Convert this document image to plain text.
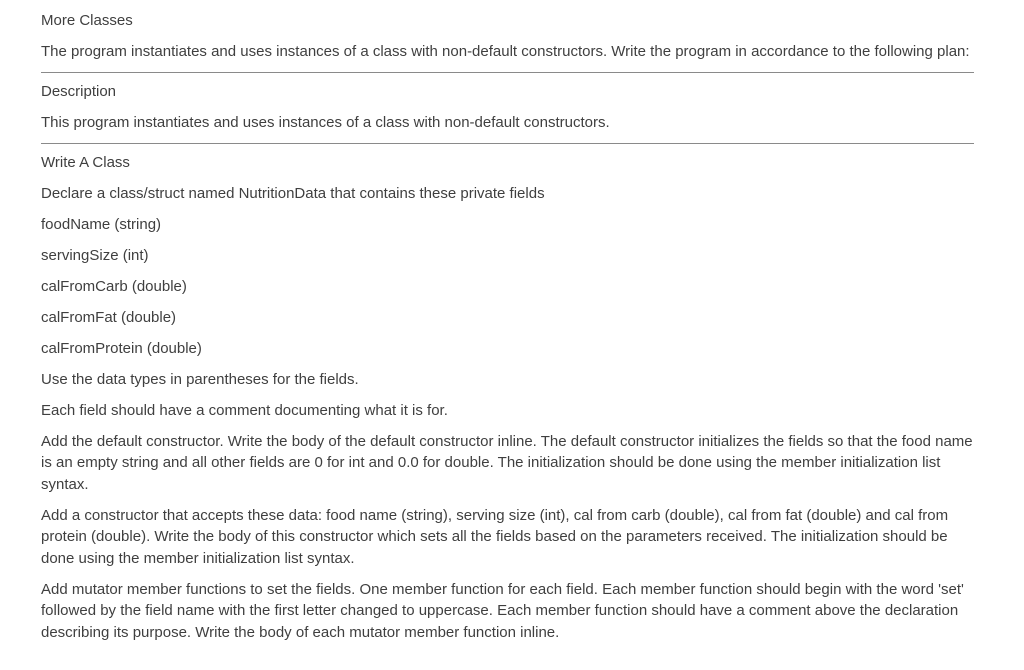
More Classes

The program instantiates and uses instances of a class with non-default constructors. Write the program in accordance to the following plan:

Description

This program instantiates and uses instances of a class with non-default constructors.

Write A Class

Declare a class/struct named NutritionData that contains these private fields

foodName (string)

servingSize (int)

calFromCarb (double)

calFromFat (double)

calFromProtein (double)

Use the data types in parentheses for the fields.

Each field should have a comment documenting what it is for.

Add the default constructor. Write the body of the default constructor inline. The default constructor initializes the fields so that the food name is an empty string and all other fields are 0 for int and 0.0 for double. The initialization should be done using the member initialization list syntax.

Add a constructor that accepts these data: food name (string), serving size (int), cal from carb (double), cal from fat (double) and cal from protein (double). Write the body of this constructor which sets all the fields based on the parameters received. The initialization should be done using the member initialization list syntax.

Add mutator member functions to set the fields. One member function for each field. Each member function should begin with the word 'set' followed by the field name with the first letter changed to uppercase. Each member function should have a comment above the declaration describing its purpose. Write the body of each mutator member function inline.
